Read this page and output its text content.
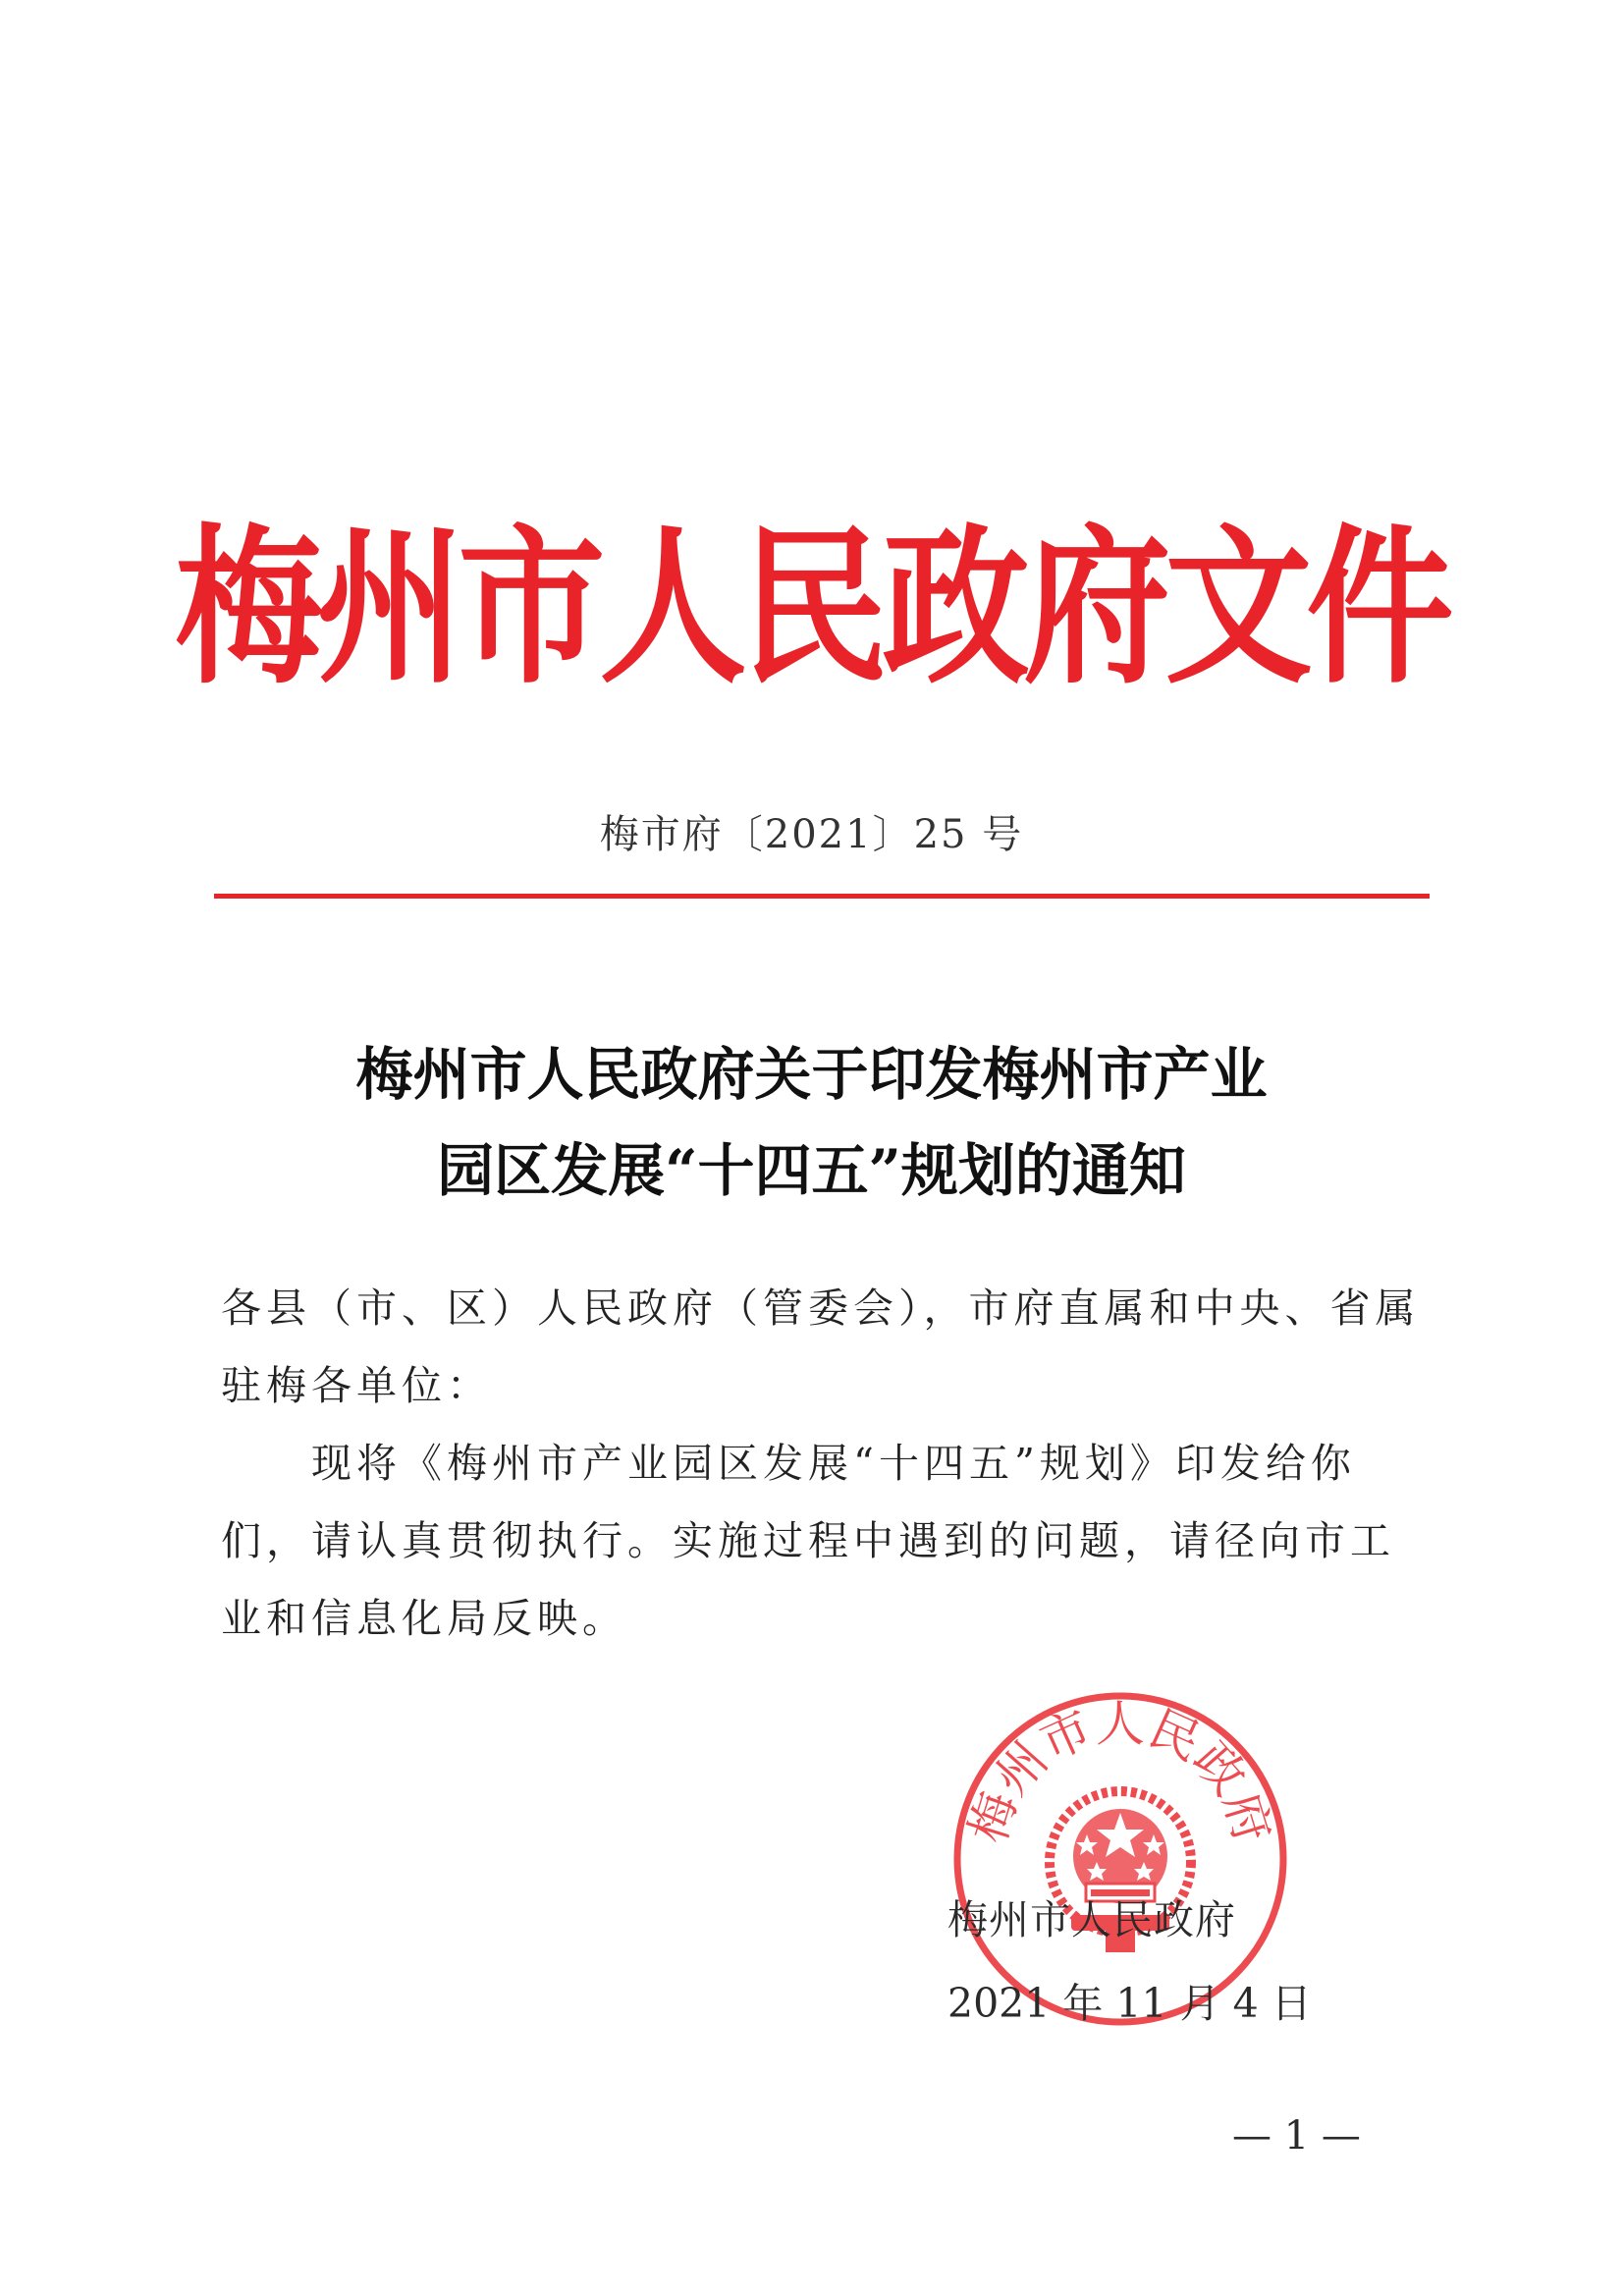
梅州市人民政府文件
梅市府〔2021〕25 号
梅州市人民政府关于印发梅州市产业
园区发展“十四五”规划的通知

各县（市、区）人民政府（管委会），市府直属和中央、省属驻梅各单位：

现将《梅州市产业园区发展“十四五”规划》印发给你们，请认真贯彻执行。实施过程中遇到的问题，请径向市工业和信息化局反映。

梅州市人民政府
梅州市人民政府
2021 年 11 月 4 日
— 1 —
